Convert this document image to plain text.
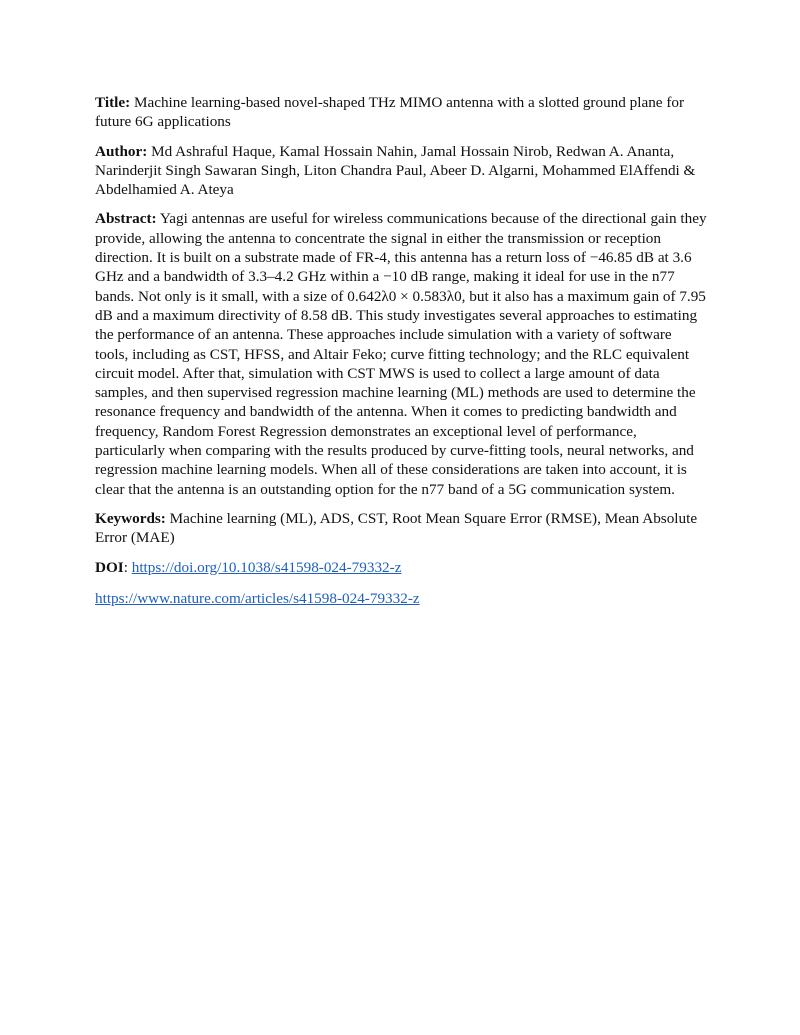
Title: Machine learning-based novel-shaped THz MIMO antenna with a slotted ground plane for future 6G applications

Author: Md Ashraful Haque, Kamal Hossain Nahin, Jamal Hossain Nirob, Redwan A. Ananta, Narinderjit Singh Sawaran Singh, Liton Chandra Paul, Abeer D. Algarni, Mohammed ElAffendi & Abdelhamied A. Ateya

Abstract: Yagi antennas are useful for wireless communications because of the directional gain they provide, allowing the antenna to concentrate the signal in either the transmission or reception direction. It is built on a substrate made of FR-4, this antenna has a return loss of −46.85 dB at 3.6 GHz and a bandwidth of 3.3–4.2 GHz within a −10 dB range, making it ideal for use in the n77 bands. Not only is it small, with a size of 0.642λ0 × 0.583λ0, but it also has a maximum gain of 7.95 dB and a maximum directivity of 8.58 dB. This study investigates several approaches to estimating the performance of an antenna. These approaches include simulation with a variety of software tools, including as CST, HFSS, and Altair Feko; curve fitting technology; and the RLC equivalent circuit model. After that, simulation with CST MWS is used to collect a large amount of data samples, and then supervised regression machine learning (ML) methods are used to determine the resonance frequency and bandwidth of the antenna. When it comes to predicting bandwidth and frequency, Random Forest Regression demonstrates an exceptional level of performance, particularly when comparing with the results produced by curve-fitting tools, neural networks, and regression machine learning models. When all of these considerations are taken into account, it is clear that the antenna is an outstanding option for the n77 band of a 5G communication system.

Keywords: Machine learning (ML), ADS, CST, Root Mean Square Error (RMSE), Mean Absolute Error (MAE)

DOI: https://doi.org/10.1038/s41598-024-79332-z

https://www.nature.com/articles/s41598-024-79332-z
